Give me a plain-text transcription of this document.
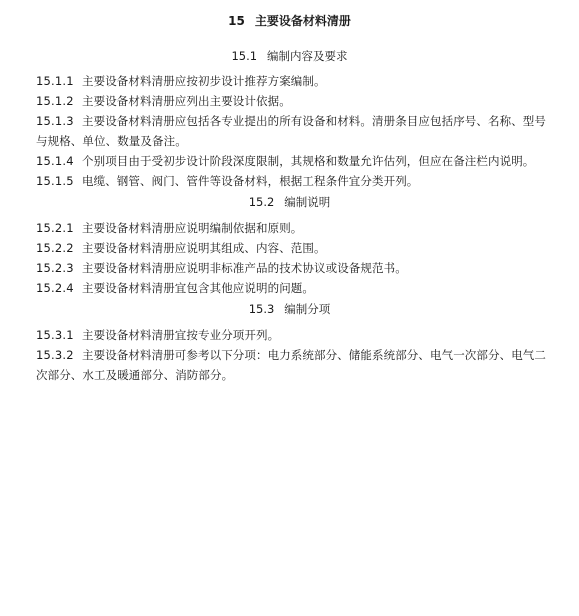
15 主要设备材料清册
15.1 编制内容及要求
15.1.1 主要设备材料清册应按初步设计推荐方案编制。
15.1.2 主要设备材料清册应列出主要设计依据。
15.1.3 主要设备材料清册应包括各专业提出的所有设备和材料。清册条目应包括序号、名称、型号与规格、单位、数量及备注。
15.1.4 个别项目由于受初步设计阶段深度限制，其规格和数量允许估列，但应在备注栏内说明。
15.1.5 电缆、钢管、阀门、管件等设备材料，根据工程条件宜分类开列。
15.2 编制说明
15.2.1 主要设备材料清册应说明编制依据和原则。
15.2.2 主要设备材料清册应说明其组成、内容、范围。
15.2.3 主要设备材料清册应说明非标准产品的技术协议或设备规范书。
15.2.4 主要设备材料清册宜包含其他应说明的问题。
15.3 编制分项
15.3.1 主要设备材料清册宜按专业分项开列。
15.3.2 主要设备材料清册可参考以下分项：电力系统部分、储能系统部分、电气一次部分、电气二次部分、水工及暖通部分、消防部分。
